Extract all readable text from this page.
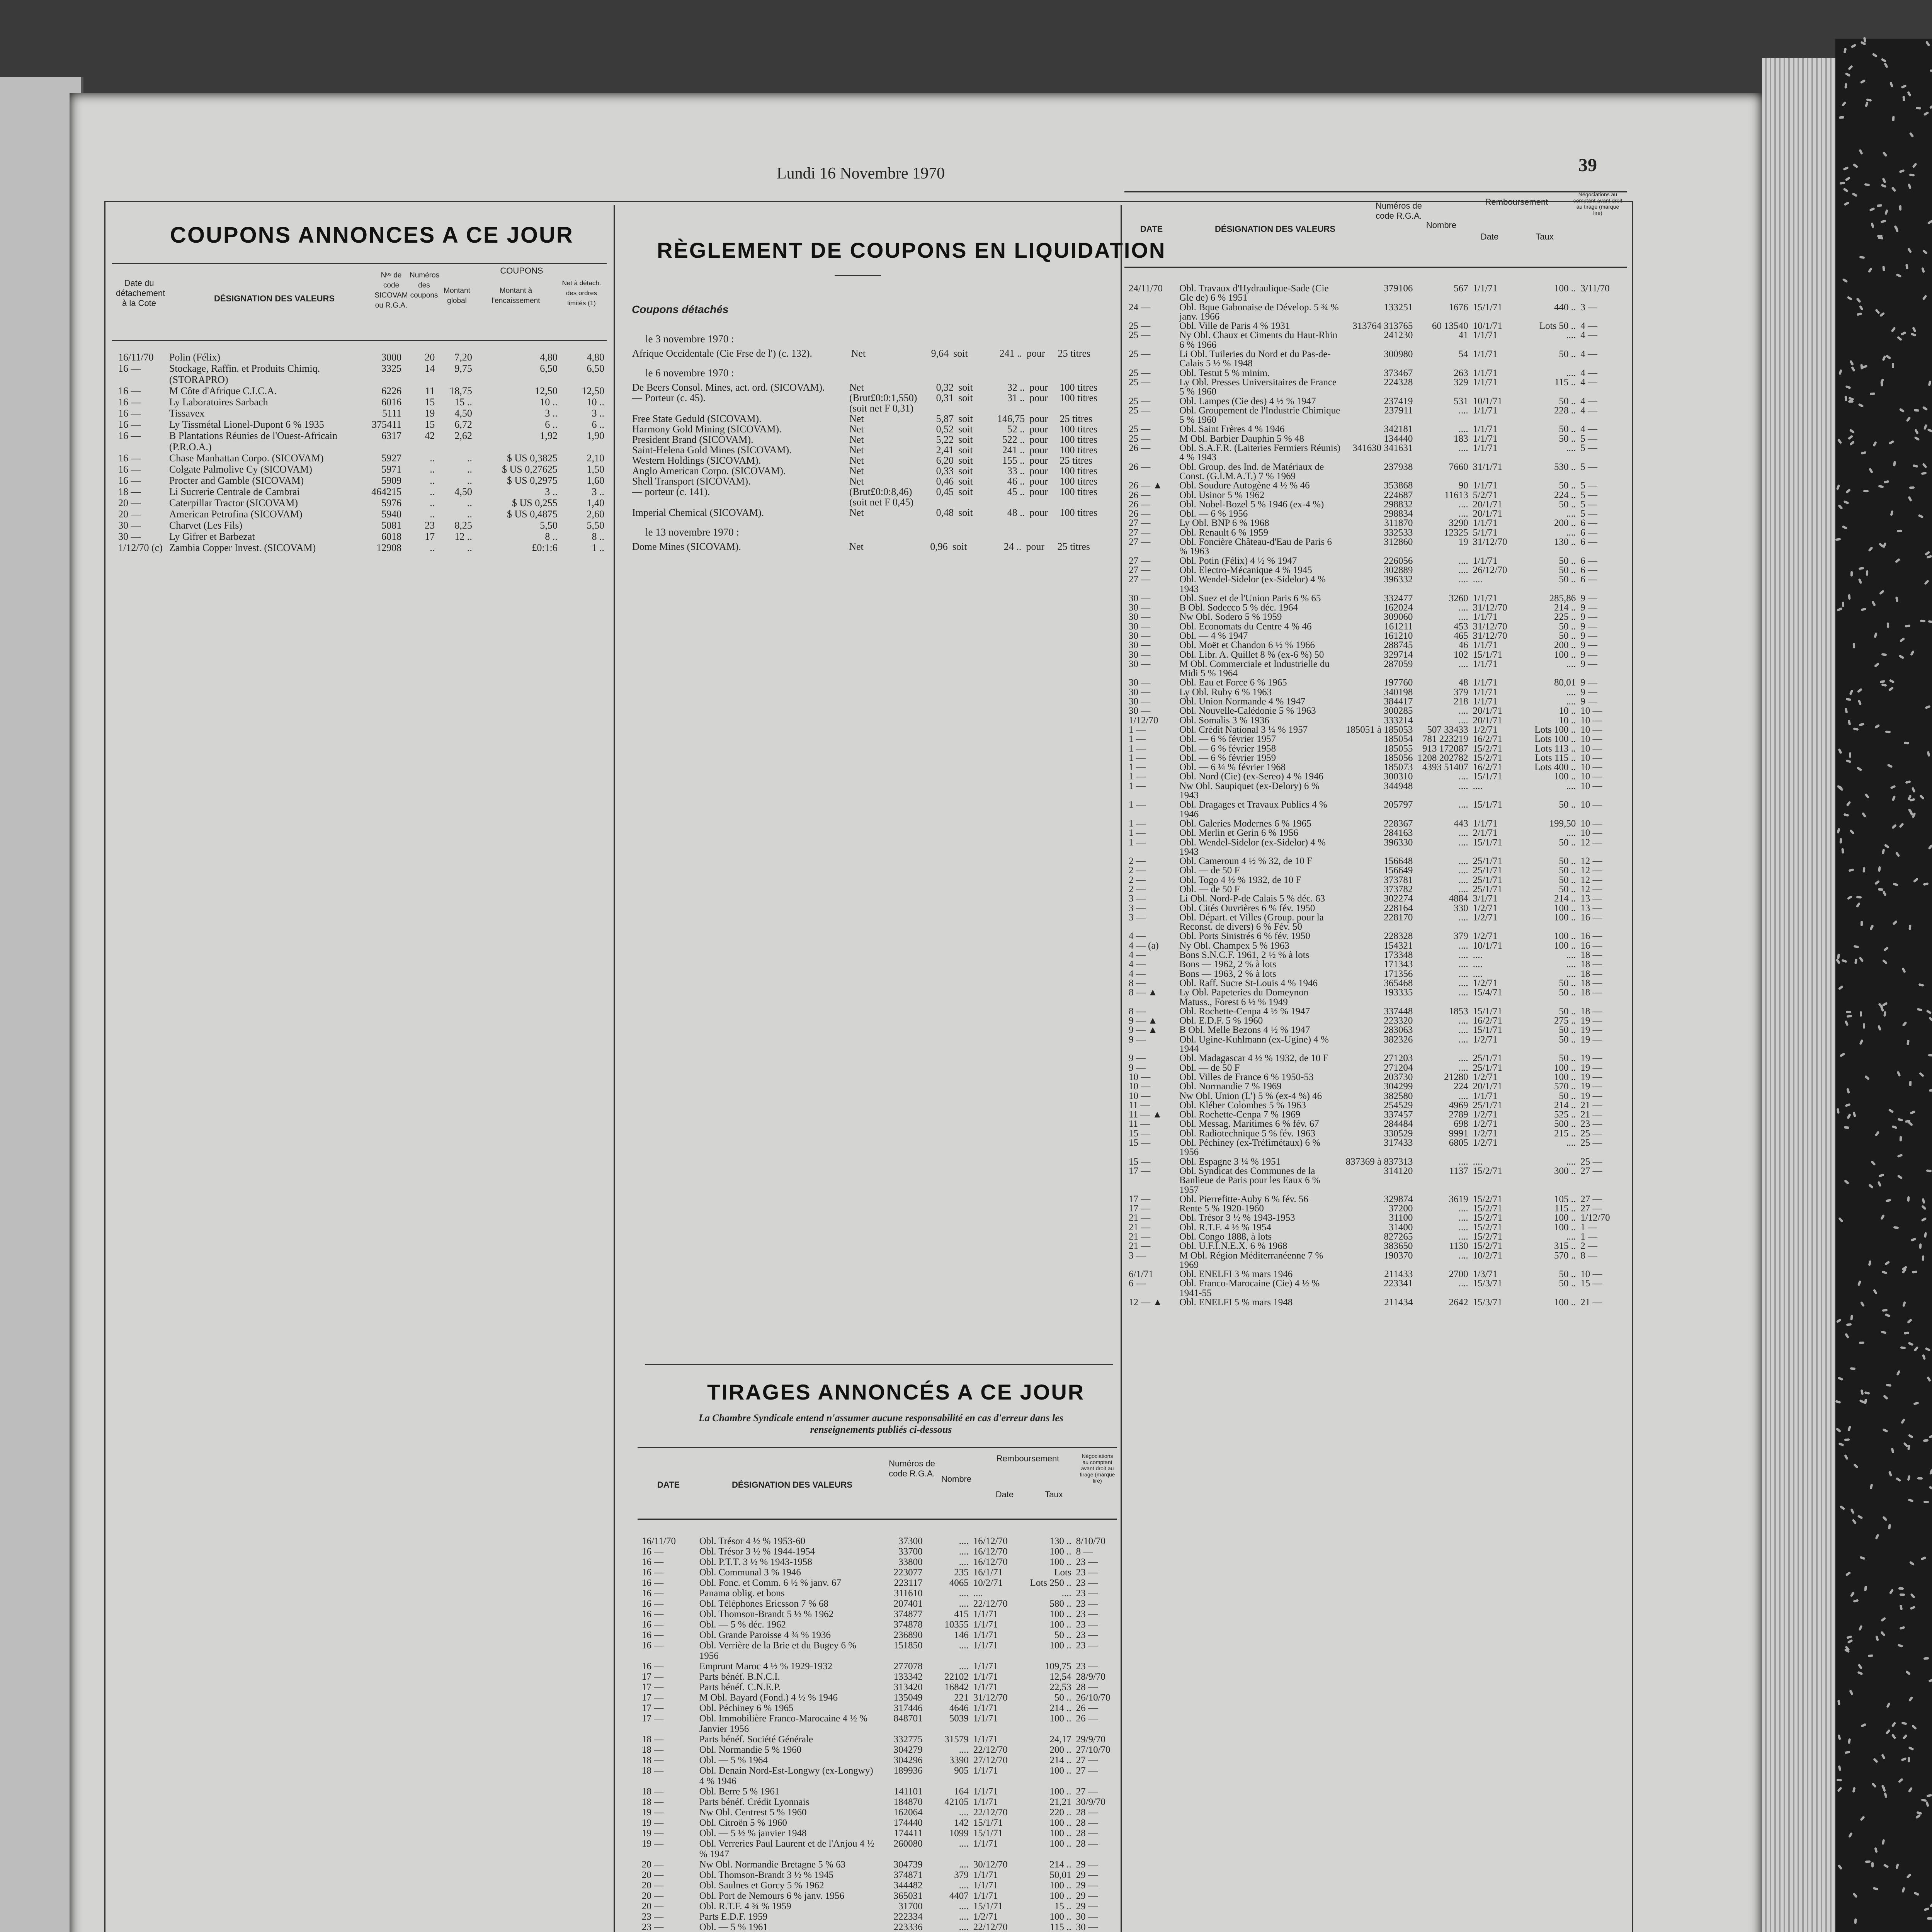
Lundi 16 Novembre 1970	39
COUPONS ANNONCES A CE JOUR
Date du détachement à la Cote	DÉSIGNATION DES VALEURS
Nᵒˢ de code SICOVAM ou R.G.A.
Numéros des coupons
COUPONS
Montant global
Montant à l'encaissement
Net à détach. des ordres limités (1)
16/11/70	Polin (Félix)	3000	20	7,20	4,80	4,80
16 —	Stockage, Raffin. et Produits Chimiq. (STORAPRO)	3325	14	9,75	6,50	6,50
16 —	M Côte d'Afrique C.I.C.A.	6226	11	18,75	12,50	12,50
16 —	Ly Laboratoires Sarbach	6016	15	15 ..	10 ..	10 ..
16 —	Tissavex	5111	19	4,50	3 ..	3 ..
16 —	Ly Tissmétal Lionel-Dupont 6 % 1935	375411	15	6,72	6 ..	6 ..
16 —	B Plantations Réunies de l'Ouest-Africain (P.R.O.A.)	6317	42	2,62	1,92	1,90
16 —	Chase Manhattan Corpo. (SICOVAM)	5927	..	..	$ US 0,3825	2,10
16 —	Colgate Palmolive Cy (SICOVAM)	5971	..	..	$ US 0,27625	1,50
16 —	Procter and Gamble (SICOVAM)	5909	..	..	$ US 0,2975	1,60
18 —	Li Sucrerie Centrale de Cambrai	464215	..	4,50	3 ..	3 ..
20 —	Caterpillar Tractor (SICOVAM)	5976	..	..	$ US 0,255	1,40
20 —	American Petrofina (SICOVAM)	5940	..	..	$ US 0,4875	2,60
30 —	Charvet (Les Fils)	5081	23	8,25	5,50	5,50
30 —	Ly Gifrer et Barbezat	6018	17	12 ..	8 ..	8 ..
1/12/70 (c)	Zambia Copper Invest. (SICOVAM)	12908	..	..	£0:1:6	1 ..
RÈGLEMENT DE COUPONS EN LIQUIDATION
Coupons détachés
le 3 novembre 1970 :
Afrique Occidentale (Cie Frse de l') (c. 132).	Net	9,64	soit	241 ..	pour	25 titres
le 6 novembre 1970 :
De Beers Consol. Mines, act. ord. (SICOVAM).	Net	0,32	soit	32 ..	pour	100 titres
— Porteur (c. 45).	(Brut£0:0:1,550)	0,31	soit	31 ..	pour	100 titres
	(soit net F 0,31)					
Free State Geduld (SICOVAM).	Net	5,87	soit	146,75	pour	25 titres
Harmony Gold Mining (SICOVAM).	Net	0,52	soit	52 ..	pour	100 titres
President Brand (SICOVAM).	Net	5,22	soit	522 ..	pour	100 titres
Saint-Helena Gold Mines (SICOVAM).	Net	2,41	soit	241 ..	pour	100 titres
Western Holdings (SICOVAM).	Net	6,20	soit	155 ..	pour	25 titres
Anglo American Corpo. (SICOVAM).	Net	0,33	soit	33 ..	pour	100 titres
Shell Transport (SICOVAM).	Net	0,46	soit	46 ..	pour	100 titres
— porteur (c. 141).	(Brut£0:0:8,46)	0,45	soit	45 ..	pour	100 titres
	(soit net F 0,45)					
Imperial Chemical (SICOVAM).	Net	0,48	soit	48 ..	pour	100 titres
le 13 novembre 1970 :
Dome Mines (SICOVAM).	Net	0,96	soit	24 ..	pour	25 titres
TIRAGES ANNONCÉS A CE JOUR
La Chambre Syndicale entend n'assumer aucune responsabilité en cas d'erreur dans les renseignements publiés ci-dessous
DATE	DÉSIGNATION DES VALEURS
Numéros de code R.G.A.
Nombre
Remboursement
Date	Taux
Négociations au comptant avant droit au tirage (marque lire)
16/11/70	Obl. Trésor 4 ½ % 1953-60	37300	....	16/12/70	130 ..	8/10/70
16 —	Obl. Trésor 3 ½ % 1944-1954	33700	....	16/12/70	100 ..	8 —
16 —	Obl. P.T.T. 3 ½ % 1943-1958	33800	....	16/12/70	100 ..	23 —
16 —	Obl. Communal 3 % 1946	223077	235	16/1/71	Lots	23 —
16 —	Obl. Fonc. et Comm. 6 ½ % janv. 67	223117	4065	10/2/71	Lots 250 ..	23 —
16 —	Panama oblig. et bons	311610	....	....	....	23 —
16 —	Obl. Téléphones Ericsson 7 % 68	207401	....	22/12/70	580 ..	23 —
16 —	Obl. Thomson-Brandt 5 ½ % 1962	374877	415	1/1/71	100 ..	23 —
16 —	Obl. — 5 % déc. 1962	374878	10355	1/1/71	100 ..	23 —
16 —	Obl. Grande Paroisse 4 ¾ % 1936	236890	146	1/1/71	50 ..	23 —
16 —	Obl. Verrière de la Brie et du Bugey 6 % 1956	151850	....	1/1/71	100 ..	23 —
16 —	Emprunt Maroc 4 ½ % 1929-1932	277078	....	1/1/71	109,75	23 —
17 —	Parts bénéf. B.N.C.I.	133342	22102	1/1/71	12,54	28/9/70
17 —	Parts bénéf. C.N.E.P.	313420	16842	1/1/71	22,53	28 —
17 —	M Obl. Bayard (Fond.) 4 ½ % 1946	135049	221	31/12/70	50 ..	26/10/70
17 —	Obl. Péchiney 6 % 1965	317446	4646	1/1/71	214 ..	26 —
17 —	Obl. Immobilière Franco-Marocaine 4 ½ % Janvier 1956	848701	5039	1/1/71	100 ..	26 —
18 —	Parts bénéf. Société Générale	332775	31579	1/1/71	24,17	29/9/70
18 —	Obl. Normandie 5 % 1960	304279	....	22/12/70	200 ..	27/10/70
18 —	Obl. — 5 % 1964	304296	3390	27/12/70	214 ..	27 —
18 —	Obl. Denain Nord-Est-Longwy (ex-Longwy) 4 % 1946	189936	905	1/1/71	100 ..	27 —
18 —	Obl. Berre 5 % 1961	141101	164	1/1/71	100 ..	27 —
18 —	Parts bénéf. Crédit Lyonnais	184870	42105	1/1/71	21,21	30/9/70
19 —	Nw Obl. Centrest 5 % 1960	162064	....	22/12/70	220 ..	28 —
19 —	Obl. Citroën 5 % 1960	174440	142	15/1/71	100 ..	28 —
19 —	Obl. — 5 ½ % janvier 1948	174411	1099	15/1/71	100 ..	28 —
19 —	Obl. Verreries Paul Laurent et de l'Anjou 4 ½ % 1947	260080	....	1/1/71	100 ..	28 —
20 —	Nw Obl. Normandie Bretagne 5 % 63	304739	....	30/12/70	214 ..	29 —
20 —	Obl. Thomson-Brandt 3 ½ % 1945	374871	379	1/1/71	50,01	29 —
20 —	Obl. Saulnes et Gorcy 5 % 1962	344482	....	1/1/71	100 ..	29 —
20 —	Obl. Port de Nemours 6 % janv. 1956	365031	4407	1/1/71	100 ..	29 —
20 —	Obl. R.T.F. 4 ¾ % 1959	31700	....	15/1/71	15 ..	29 —
23 —	Parts E.D.F. 1959	222334	....	1/2/71	100 ..	30 —
23 —	Obl. — 5 % 1961	223336	....	22/12/70	115 ..	30 —

DATE	DÉSIGNATION DES VALEURS
Numéros de code R.G.A.
Nombre
Remboursement
Date	Taux
Négociations au comptant avant droit au tirage (marque lire)
24/11/70	Obl. Travaux d'Hydraulique-Sade (Cie Gle de) 6 % 1951	379106	567	1/1/71	100 ..	3/11/70
24 —	Obl. Bque Gabonaise de Dévelop. 5 ¾ % janv. 1966	133251	1676	15/1/71	440 ..	3 —
25 —	Obl. Ville de Paris 4 % 1931	313764 313765	60 13540	10/1/71	Lots 50 ..	4 —
25 —	Ny Obl. Chaux et Ciments du Haut-Rhin 6 % 1966	241230	41	1/1/71	....	4 —
25 —	Li Obl. Tuileries du Nord et du Pas-de-Calais 5 ½ % 1948	300980	54	1/1/71	50 ..	4 —
25 —	Obl. Testut 5 % minim.	373467	263	1/1/71	....	4 —
25 —	Ly Obl. Presses Universitaires de France 5 % 1960	224328	329	1/1/71	115 ..	4 —
25 —	Obl. Lampes (Cie des) 4 ½ % 1947	237419	531	10/1/71	50 ..	4 —
25 —	Obl. Groupement de l'Industrie Chimique 5 % 1960	237911	....	1/1/71	228 ..	4 —
25 —	Obl. Saint Frères 4 % 1946	342181	....	1/1/71	50 ..	4 —
25 —	M Obl. Barbier Dauphin 5 % 48	134440	183	1/1/71	50 ..	5 —
26 —	Obl. S.A.F.R. (Laiteries Fermiers Réunis) 4 % 1943	341630 341631	....	1/1/71	....	5 —
26 —	Obl. Group. des Ind. de Matériaux de Const. (G.I.M.A.T.) 7 % 1969	237938	7660	31/1/71	530 ..	5 —
26 — ▲	Obl. Soudure Autogène 4 ½ % 46	353868	90	1/1/71	50 ..	5 —
26 —	Obl. Usinor 5 % 1962	224687	11613	5/2/71	224 ..	5 —
26 —	Obl. Nobel-Bozel 5 % 1946 (ex-4 %)	298832	....	20/1/71	50 ..	5 —
26 —	Obl. — 6 % 1956	298834	....	20/1/71	....	5 —
27 —	Ly Obl. BNP 6 % 1968	311870	3290	1/1/71	200 ..	6 —
27 —	Obl. Renault 6 % 1959	332533	12325	5/1/71	....	6 —
27 —	Obl. Foncière Château-d'Eau de Paris 6 % 1963	312860	19	31/12/70	130 ..	6 —
27 —	Obl. Potin (Félix) 4 ½ % 1947	226056	....	1/1/71	50 ..	6 —
27 —	Obl. Electro-Mécanique 4 % 1945	302889	....	26/12/70	50 ..	6 —
27 —	Obl. Wendel-Sidelor (ex-Sidelor) 4 % 1943	396332	....	....	50 ..	6 —
30 —	Obl. Suez et de l'Union Paris 6 % 65	332477	3260	1/1/71	285,86	9 —
30 —	B Obl. Sodecco 5 % déc. 1964	162024	....	31/12/70	214 ..	9 —
30 —	Nw Obl. Sodero 5 % 1959	309060	....	1/1/71	225 ..	9 —
30 —	Obl. Economats du Centre 4 % 46	161211	453	31/12/70	50 ..	9 —
30 —	Obl. — 4 % 1947	161210	465	31/12/70	50 ..	9 —
30 —	Obl. Moët et Chandon 6 ½ % 1966	288745	46	1/1/71	200 ..	9 —
30 —	Obl. Libr. A. Quillet 8 % (ex-6 %) 50	329714	102	15/1/71	100 ..	9 —
30 —	M Obl. Commerciale et Industrielle du Midi 5 % 1964	287059	....	1/1/71	....	9 —
30 —	Obl. Eau et Force 6 % 1965	197760	48	1/1/71	80,01	9 —
30 —	Ly Obl. Ruby 6 % 1963	340198	379	1/1/71	....	9 —
30 —	Obl. Union Normande 4 % 1947	384417	218	1/1/71	....	9 —
30 —	Obl. Nouvelle-Calédonie 5 % 1963	300285	....	20/1/71	10 ..	10 —
1/12/70	Obl. Somalis 3 % 1936	333214	....	20/1/71	10 ..	10 —
1 —	Obl. Crédit National 3 ¼ % 1957	185051 à 185053	507 33433	1/2/71	Lots 100 ..	10 —
1 —	Obl. — 6 % février 1957	185054	781 223219	16/2/71	Lots 100 ..	10 —
1 —	Obl. — 6 % février 1958	185055	913 172087	15/2/71	Lots 113 ..	10 —
1 —	Obl. — 6 % février 1959	185056	1208 202782	15/2/71	Lots 115 ..	10 —
1 —	Obl. — 6 ¼ % février 1968	185073	4393 51407	16/2/71	Lots 400 ..	10 —
1 —	Obl. Nord (Cie) (ex-Sereo) 4 % 1946	300310	....	15/1/71	100 ..	10 —
1 —	Nw Obl. Saupiquet (ex-Delory) 6 % 1943	344948	....	....	....	10 —
1 —	Obl. Dragages et Travaux Publics 4 % 1946	205797	....	15/1/71	50 ..	10 —
1 —	Obl. Galeries Modernes 6 % 1965	228367	443	1/1/71	199,50	10 —
1 —	Obl. Merlin et Gerin 6 % 1956	284163	....	2/1/71	....	10 —
1 —	Obl. Wendel-Sidelor (ex-Sidelor) 4 % 1943	396330	....	15/1/71	50 ..	12 —
2 —	Obl. Cameroun 4 ½ % 32, de 10 F	156648	....	25/1/71	50 ..	12 —
2 —	Obl. — de 50 F	156649	....	25/1/71	50 ..	12 —
2 —	Obl. Togo 4 ½ % 1932, de 10 F	373781	....	25/1/71	50 ..	12 —
2 —	Obl. — de 50 F	373782	....	25/1/71	50 ..	12 —
3 —	Li Obl. Nord-P-de Calais 5 % déc. 63	302274	4884	3/1/71	214 ..	13 —
3 —	Obl. Cités Ouvrières 6 % fév. 1950	228164	330	1/2/71	100 ..	13 —
3 —	Obl. Départ. et Villes (Group. pour la Reconst. de divers) 6 % Fév. 50	228170	....	1/2/71	100 ..	16 —
4 —	Obl. Ports Sinistrés 6 % fév. 1950	228328	379	1/2/71	100 ..	16 —
4 — (a)	Ny Obl. Champex 5 % 1963	154321	....	10/1/71	100 ..	16 —
4 —	Bons S.N.C.F. 1961, 2 ½ % à lots	173348	....	....	....	18 —
4 —	Bons — 1962, 2 % à lots	171343	....	....	....	18 —
4 —	Bons — 1963, 2 % à lots	171356	....	....	....	18 —
8 —	Obl. Raff. Sucre St-Louis 4 % 1946	365468	....	1/2/71	50 ..	18 —
8 — ▲	Ly Obl. Papeteries du Domeynon Matuss., Forest 6 ½ % 1949	193335	....	15/4/71	50 ..	18 —
8 —	Obl. Rochette-Cenpa 4 ½ % 1947	337448	1853	15/1/71	50 ..	18 —
9 — ▲	Obl. E.D.F. 5 % 1960	223320	....	16/2/71	275 ..	19 —
9 — ▲	B Obl. Melle Bezons 4 ½ % 1947	283063	....	15/1/71	50 ..	19 —
9 —	Obl. Ugine-Kuhlmann (ex-Ugine) 4 % 1944	382326	....	1/2/71	50 ..	19 —
9 —	Obl. Madagascar 4 ½ % 1932, de 10 F	271203	....	25/1/71	50 ..	19 —
9 —	Obl. — de 50 F	271204	....	25/1/71	100 ..	19 —
10 —	Obl. Villes de France 6 % 1950-53	203730	21280	1/2/71	100 ..	19 —
10 —	Obl. Normandie 7 % 1969	304299	224	20/1/71	570 ..	19 —
10 —	Nw Obl. Union (L') 5 % (ex-4 %) 46	382580	....	1/1/71	50 ..	19 —
11 —	Obl. Kléber Colombes 5 % 1963	254529	4969	25/1/71	214 ..	21 —
11 — ▲	Obl. Rochette-Cenpa 7 % 1969	337457	2789	1/2/71	525 ..	21 —
11 —	Obl. Messag. Maritimes 6 % fév. 67	284484	698	1/2/71	500 ..	23 —
15 —	Obl. Radiotechnique 5 % fév. 1963	330529	9991	1/2/71	215 ..	25 —
15 —	Obl. Péchiney (ex-Tréfimétaux) 6 % 1956	317433	6805	1/2/71	....	25 —
15 —	Obl. Espagne 3 ¼ % 1951	837369 à 837313	....	....	....	25 —
17 —	Obl. Syndicat des Communes de la Banlieue de Paris pour les Eaux 6 % 1957	314120	1137	15/2/71	300 ..	27 —
17 —	Obl. Pierrefitte-Auby 6 % fév. 56	329874	3619	15/2/71	105 ..	27 —
17 —	Rente 5 % 1920-1960	37200	....	15/2/71	115 ..	27 —
21 —	Obl. Trésor 3 ½ % 1943-1953	31100	....	15/2/71	100 ..	1/12/70
21 —	Obl. R.T.F. 4 ½ % 1954	31400	....	15/2/71	100 ..	1 —
21 —	Obl. Congo 1888, à lots	827265	....	15/2/71	....	1 —
21 —	Obl. U.F.I.N.E.X. 6 % 1968	383650	1130	15/2/71	315 ..	2 —
3 —	M Obl. Région Méditerranéenne 7 % 1969	190370	....	10/2/71	570 ..	8 —
6/1/71	Obl. ENELFI 3 % mars 1946	211433	2700	1/3/71	50 ..	10 —
6 —	Obl. Franco-Marocaine (Cie) 4 ½ % 1941-55	223341	....	15/3/71	50 ..	15 —
12 — ▲	Obl. ENELFI 5 % mars 1948	211434	2642	15/3/71	100 ..	21 —
